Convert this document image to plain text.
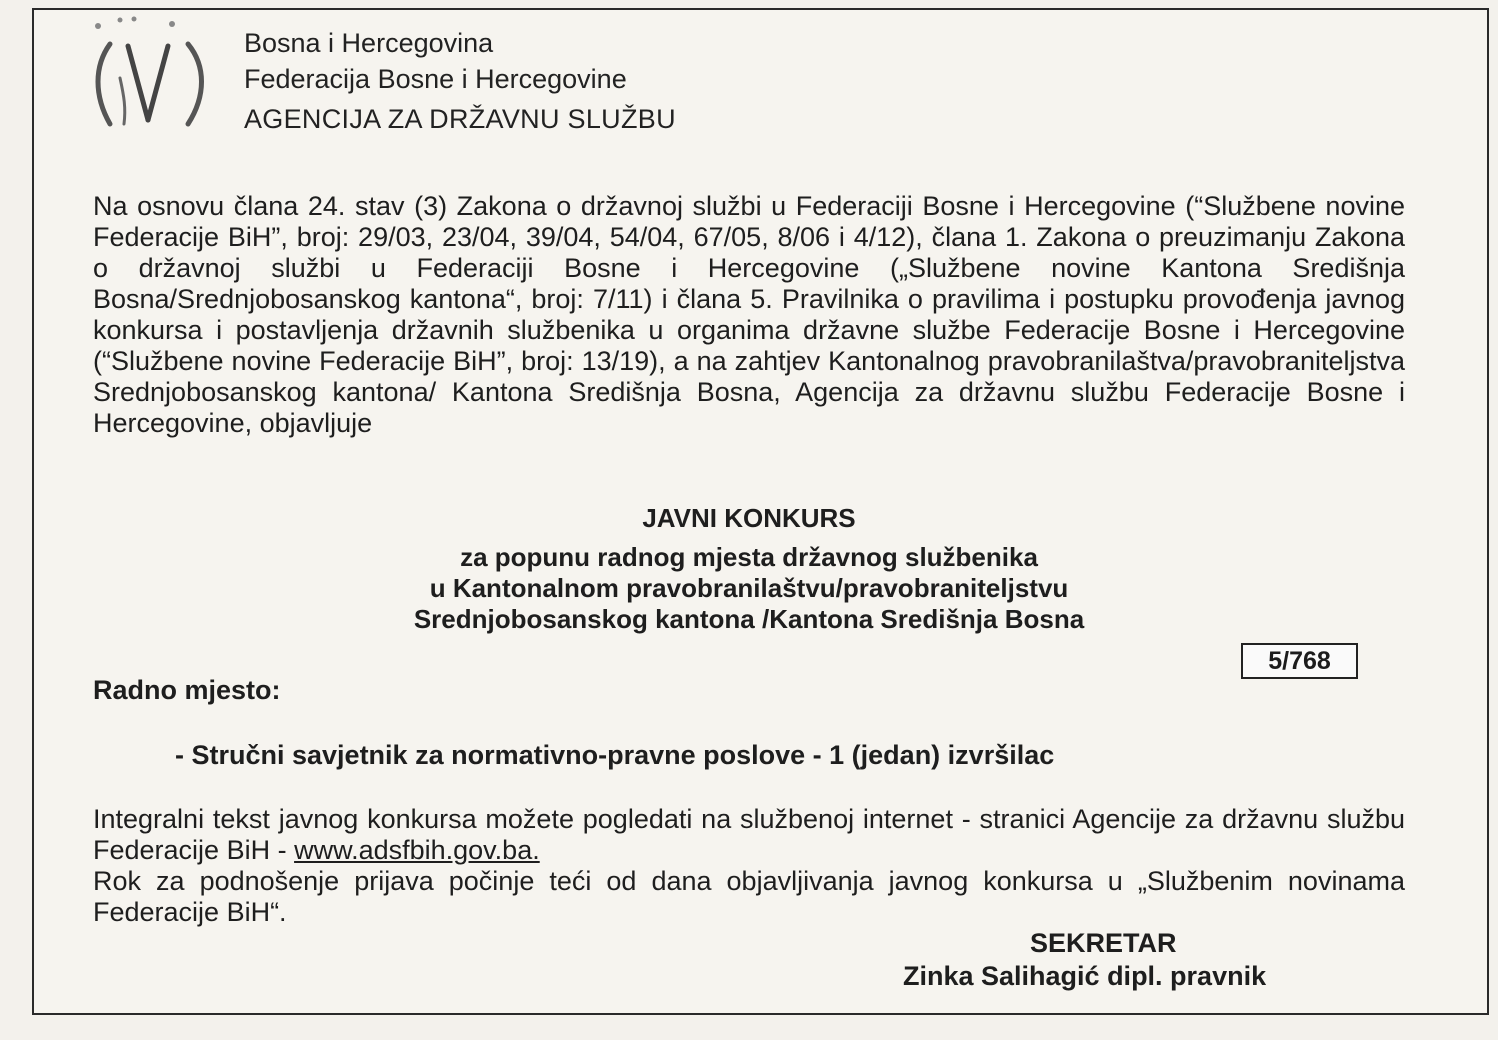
Bosna i Hercegovina
Federacija Bosne i Hercegovine
AGENCIJA ZA DRŽAVNU SLUŽBU
Na osnovu člana 24. stav (3) Zakona o državnoj službi u Federaciji Bosne i Hercegovine (“Službene novine Federacije BiH”, broj: 29/03, 23/04, 39/04, 54/04, 67/05, 8/06 i 4/12), člana 1. Zakona o preuzimanju Zakona o državnoj službi u Federaciji Bosne i Hercegovine („Službene novine Kantona Središnja Bosna/Srednjobosanskog kantona“, broj: 7/11) i člana 5. Pravilnika o pravilima i postupku provođenja javnog konkursa i postavljenja državnih službenika u organima državne službe Federacije Bosne i Hercegovine (“Službene novine Federacije BiH”, broj: 13/19), a na zahtjev Kantonalnog pravobranilaštva/pravobraniteljstva Srednjobosanskog kantona/ Kantona Središnja Bosna, Agencija za državnu službu Federacije Bosne i Hercegovine, objavljuje
JAVNI KONKURS
za popunu radnog mjesta državnog službenika
u Kantonalnom pravobranilaštvu/pravobraniteljstvu
Srednjobosanskog kantona /Kantona Središnja Bosna
5/768
Radno mjesto:
- Stručni savjetnik za normativno-pravne poslove - 1 (jedan) izvršilac
Integralni tekst javnog konkursa možete pogledati na službenoj internet - stranici Agencije za državnu službu Federacije BiH - www.adsfbih.gov.ba.
Rok za podnošenje prijava počinje teći od dana objavljivanja javnog konkursa u „Službenim novinama Federacije BiH“.
SEKRETAR
Zinka Salihagić dipl. pravnik
